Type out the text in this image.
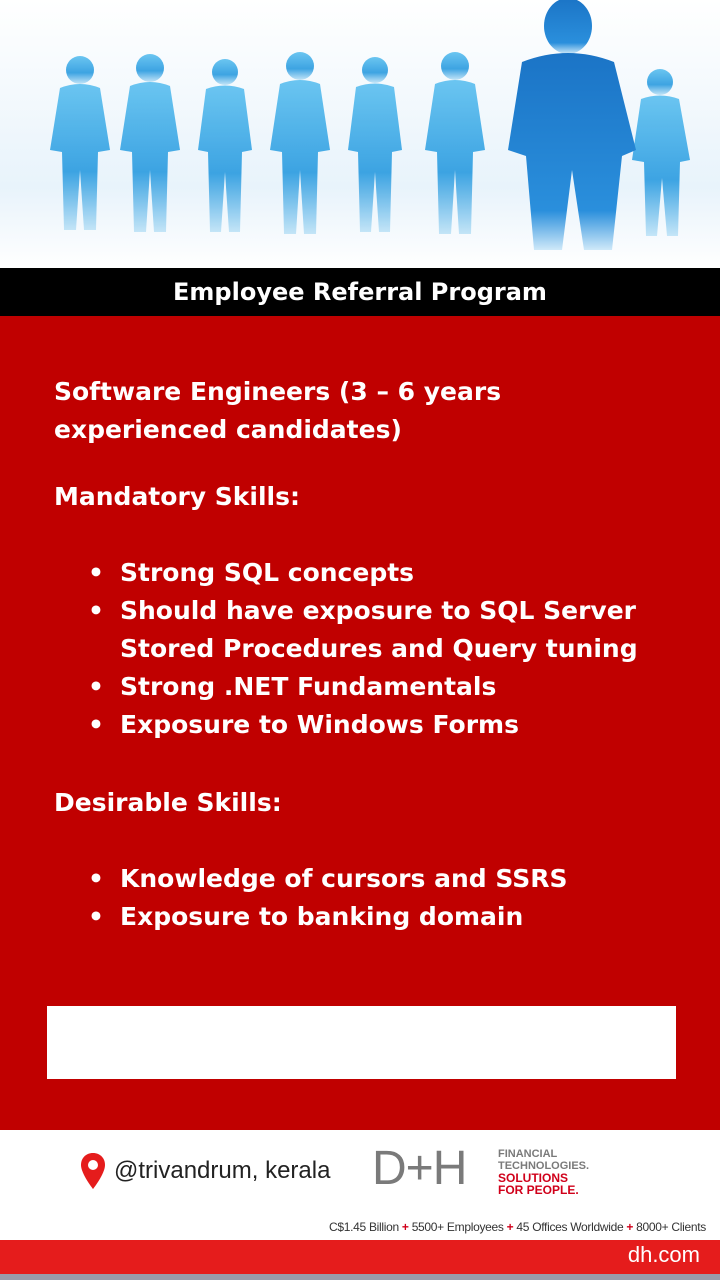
Employee Referral Program
Software Engineers (3 – 6 years experienced candidates)
Mandatory Skills:
• Strong SQL concepts
• Should have exposure to SQL Server Stored Procedures and Query tuning
• Strong .NET Fundamentals
• Exposure to Windows Forms
Desirable Skills:
• Knowledge of cursors and SSRS
• Exposure to banking domain
@trivandrum, kerala D+H	FINANCIAL
TECHNOLOGIES.
SOLUTIONS
FOR PEOPLE.
C$1.45 Billion + 5500+ Employees + 45 Offices Worldwide + 8000+ Clients
dh.com
